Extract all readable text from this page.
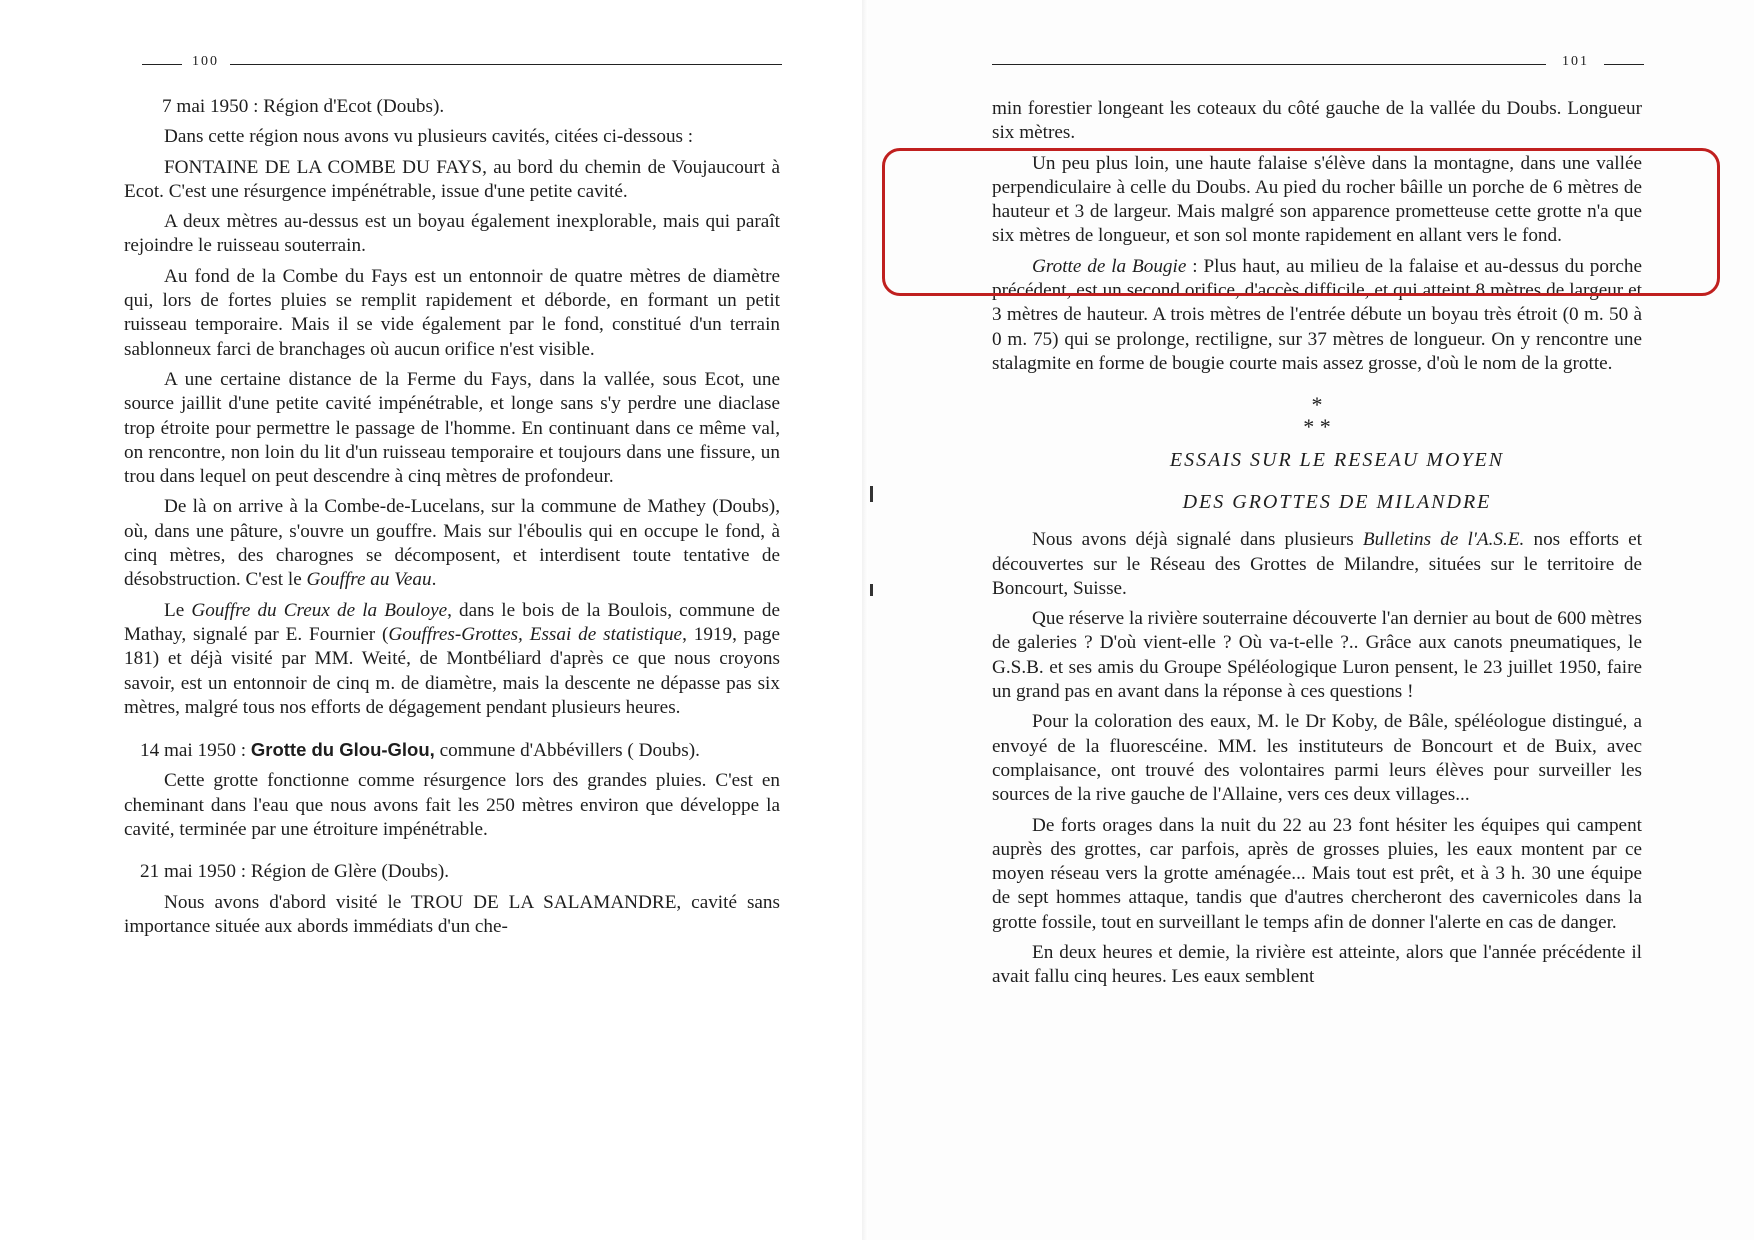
100	101

7 mai 1950 : Région d'Ecot (Doubs).

Dans cette région nous avons vu plusieurs cavités, citées ci-dessous :

FONTAINE DE LA COMBE DU FAYS, au bord du chemin de Voujaucourt à Ecot. C'est une résurgence impénétrable, issue d'une petite cavité.

A deux mètres au-dessus est un boyau également inexplorable, mais qui paraît rejoindre le ruisseau souterrain.

Au fond de la Combe du Fays est un entonnoir de quatre mètres de diamètre qui, lors de fortes pluies se remplit rapidement et déborde, en formant un petit ruisseau temporaire. Mais il se vide également par le fond, constitué d'un terrain sablonneux farci de branchages où aucun orifice n'est visible.

A une certaine distance de la Ferme du Fays, dans la vallée, sous Ecot, une source jaillit d'une petite cavité impénétrable, et longe sans s'y perdre une diaclase trop étroite pour permettre le passage de l'homme. En continuant dans ce même val, on rencontre, non loin du lit d'un ruisseau temporaire et toujours dans une fissure, un trou dans lequel on peut descendre à cinq mètres de profondeur.

De là on arrive à la Combe-de-Lucelans, sur la commune de Mathey (Doubs), où, dans une pâture, s'ouvre un gouffre. Mais sur l'éboulis qui en occupe le fond, à cinq mètres, des charognes se décomposent, et interdisent toute tentative de désobstruction. C'est le Gouffre au Veau.

Le Gouffre du Creux de la Bouloye, dans le bois de la Boulois, commune de Mathay, signalé par E. Fournier (Gouffres-Grottes, Essai de statistique, 1919, page 181) et déjà visité par MM. Weité, de Montbéliard d'après ce que nous croyons savoir, est un entonnoir de cinq m. de diamètre, mais la descente ne dépasse pas six mètres, malgré tous nos efforts de dégagement pendant plusieurs heures.

14 mai 1950 : Grotte du Glou-Glou, commune d'Abbévillers ( Doubs).

Cette grotte fonctionne comme résurgence lors des grandes pluies. C'est en cheminant dans l'eau que nous avons fait les 250 mètres environ que développe la cavité, terminée par une étroiture impénétrable.

21 mai 1950 : Région de Glère (Doubs).

Nous avons d'abord visité le TROU DE LA SALAMANDRE, cavité sans importance située aux abords immédiats d'un che-

min forestier longeant les coteaux du côté gauche de la vallée du Doubs. Longueur six mètres.

Un peu plus loin, une haute falaise s'élève dans la montagne, dans une vallée perpendiculaire à celle du Doubs. Au pied du rocher bâille un porche de 6 mètres de hauteur et 3 de largeur. Mais malgré son apparence prometteuse cette grotte n'a que six mètres de longueur, et son sol monte rapidement en allant vers le fond.

Grotte de la Bougie : Plus haut, au milieu de la falaise et au-dessus du porche précédent, est un second orifice, d'accès difficile, et qui atteint 8 mètres de largeur et 3 mètres de hauteur. A trois mètres de l'entrée débute un boyau très étroit (0 m. 50 à 0 m. 75) qui se prolonge, rectiligne, sur 37 mètres de longueur. On y rencontre une stalagmite en forme de bougie courte mais assez grosse, d'où le nom de la grotte.

*
* *

ESSAIS SUR LE RESEAU MOYEN

DES GROTTES DE MILANDRE

Nous avons déjà signalé dans plusieurs Bulletins de l'A.S.E. nos efforts et découvertes sur le Réseau des Grottes de Milandre, situées sur le territoire de Boncourt, Suisse.

Que réserve la rivière souterraine découverte l'an dernier au bout de 600 mètres de galeries ? D'où vient-elle ? Où va-t-elle ?.. Grâce aux canots pneumatiques, le G.S.B. et ses amis du Groupe Spéléologique Luron pensent, le 23 juillet 1950, faire un grand pas en avant dans la réponse à ces questions !

Pour la coloration des eaux, M. le Dr Koby, de Bâle, spéléologue distingué, a envoyé de la fluorescéine. MM. les instituteurs de Boncourt et de Buix, avec complaisance, ont trouvé des volontaires parmi leurs élèves pour surveiller les sources de la rive gauche de l'Allaine, vers ces deux villages...

De forts orages dans la nuit du 22 au 23 font hésiter les équipes qui campent auprès des grottes, car parfois, après de grosses pluies, les eaux montent par ce moyen réseau vers la grotte aménagée... Mais tout est prêt, et à 3 h. 30 une équipe de sept hommes attaque, tandis que d'autres chercheront des cavernicoles dans la grotte fossile, tout en surveillant le temps afin de donner l'alerte en cas de danger.

En deux heures et demie, la rivière est atteinte, alors que l'année précédente il avait fallu cinq heures. Les eaux semblent
